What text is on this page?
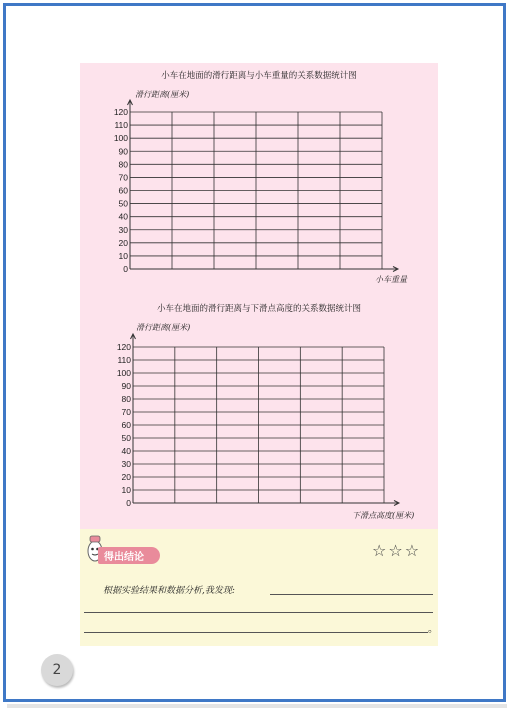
小车在地面的滑行距离与小车重量的关系数据统计图
滑行距离(厘米)
小车重量
小车在地面的滑行距离与下滑点高度的关系数据统计图
滑行距离(厘米)
下滑点高度(厘米)
0
10
20
30
40
50
60
70
80
90
100
110
120
0
10
20
30
40
50
60
70
80
90
100
110
120
得出结论	☆☆☆
根据实验结果和数据分析,我发现:
。
2
